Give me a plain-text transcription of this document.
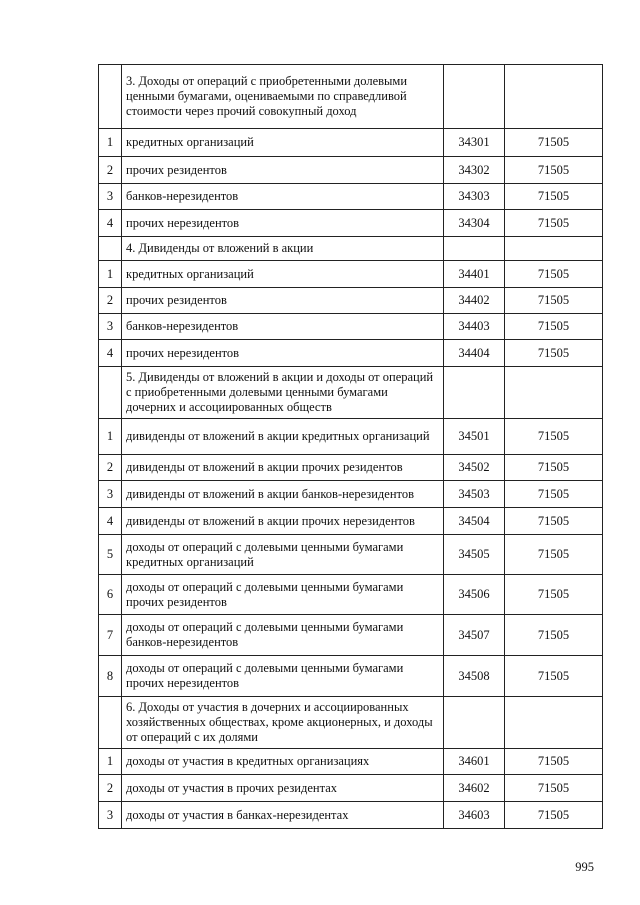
	3. Доходы от операций с приобретенными долевыми ценными бумагами, оцениваемыми по справедливой стоимости через прочий совокупный доход		
1	кредитных организаций	34301	71505
2	прочих резидентов	34302	71505
3	банков-нерезидентов	34303	71505
4	прочих нерезидентов	34304	71505
	4. Дивиденды от вложений в акции		
1	кредитных организаций	34401	71505
2	прочих резидентов	34402	71505
3	банков-нерезидентов	34403	71505
4	прочих нерезидентов	34404	71505
	5. Дивиденды от вложений в акции и доходы от операций с приобретенными долевыми ценными бумагами дочерних и ассоциированных обществ		
1	дивиденды от вложений в акции кредитных организаций	34501	71505
2	дивиденды от вложений в акции прочих резидентов	34502	71505
3	дивиденды от вложений в акции банков-нерезидентов	34503	71505
4	дивиденды от вложений в акции прочих нерезидентов	34504	71505
5	доходы от операций с долевыми ценными бумагами кредитных организаций	34505	71505
6	доходы от операций с долевыми ценными бумагами прочих резидентов	34506	71505
7	доходы от операций с долевыми ценными бумагами банков-нерезидентов	34507	71505
8	доходы от операций с долевыми ценными бумагами прочих нерезидентов	34508	71505
	6. Доходы от участия в дочерних и ассоциированных хозяйственных обществах, кроме акционерных, и доходы от операций с их долями		
1	доходы от участия в кредитных организациях	34601	71505
2	доходы от участия в прочих резидентах	34602	71505
3	доходы от участия в банках-нерезидентах	34603	71505
995
